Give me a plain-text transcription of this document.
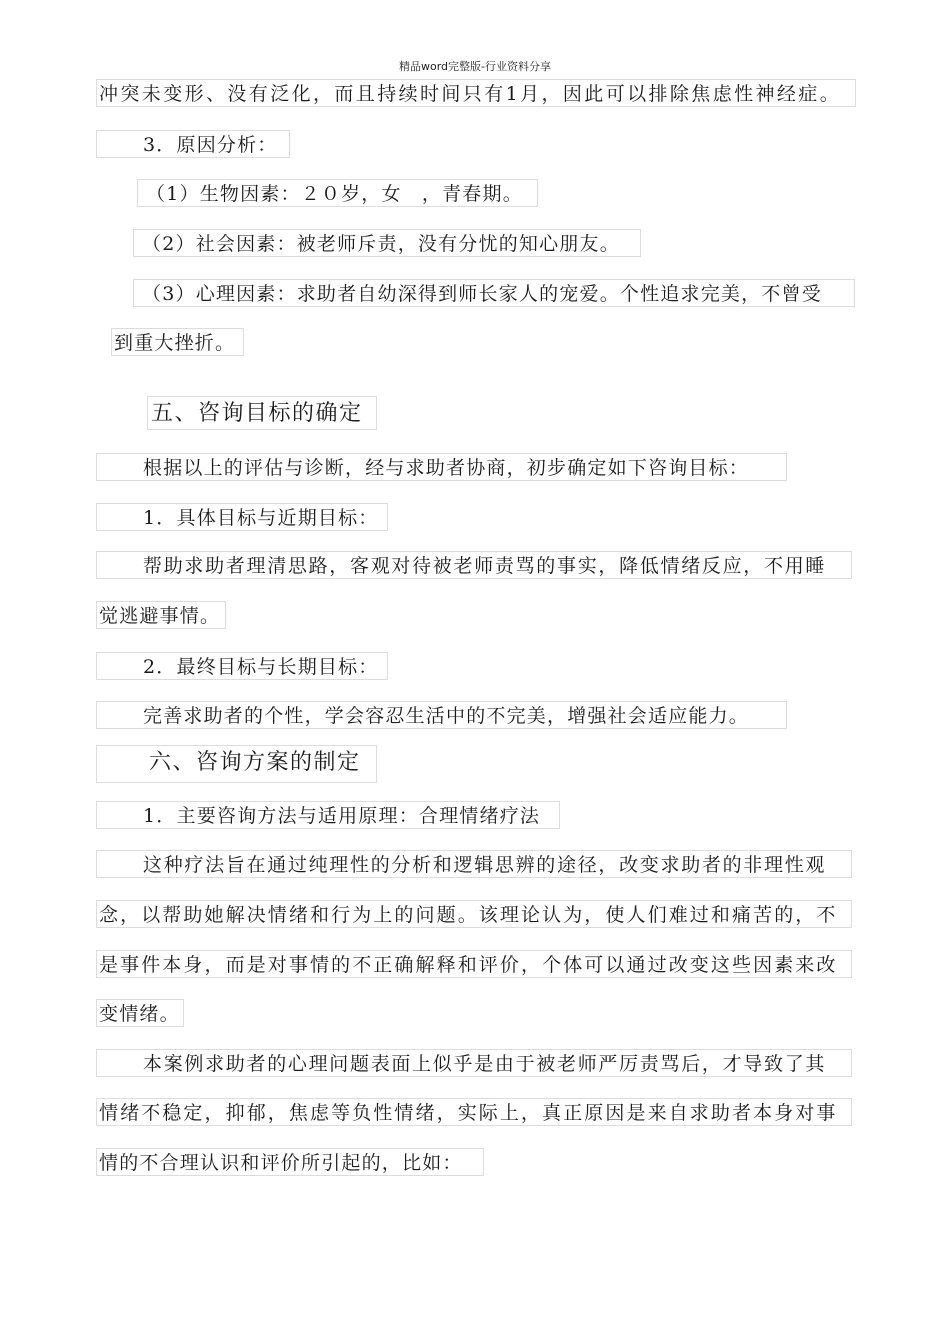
精品word完整版-行业资料分享
冲突未变形、没有泛化，而且持续时间只有1月，因此可以排除焦虑性神经症。
3．原因分析：
（1）生物因素：２０岁，女　，青春期。
（2）社会因素：被老师斥责，没有分忧的知心朋友。
（3）心理因素：求助者自幼深得到师长家人的宠爱。个性追求完美，不曾受
到重大挫折。
五、咨询目标的确定
根据以上的评估与诊断，经与求助者协商，初步确定如下咨询目标：
1．具体目标与近期目标：
帮助求助者理清思路，客观对待被老师责骂的事实，降低情绪反应，不用睡
觉逃避事情。
2．最终目标与长期目标：
完善求助者的个性，学会容忍生活中的不完美，增强社会适应能力。
六、咨询方案的制定
1．主要咨询方法与适用原理：合理情绪疗法
这种疗法旨在通过纯理性的分析和逻辑思辨的途径，改变求助者的非理性观
念，以帮助她解决情绪和行为上的问题。该理论认为，使人们难过和痛苦的，不
是事件本身，而是对事情的不正确解释和评价，个体可以通过改变这些因素来改
变情绪。
本案例求助者的心理问题表面上似乎是由于被老师严厉责骂后，才导致了其
情绪不稳定，抑郁，焦虑等负性情绪，实际上，真正原因是来自求助者本身对事
情的不合理认识和评价所引起的，比如：
